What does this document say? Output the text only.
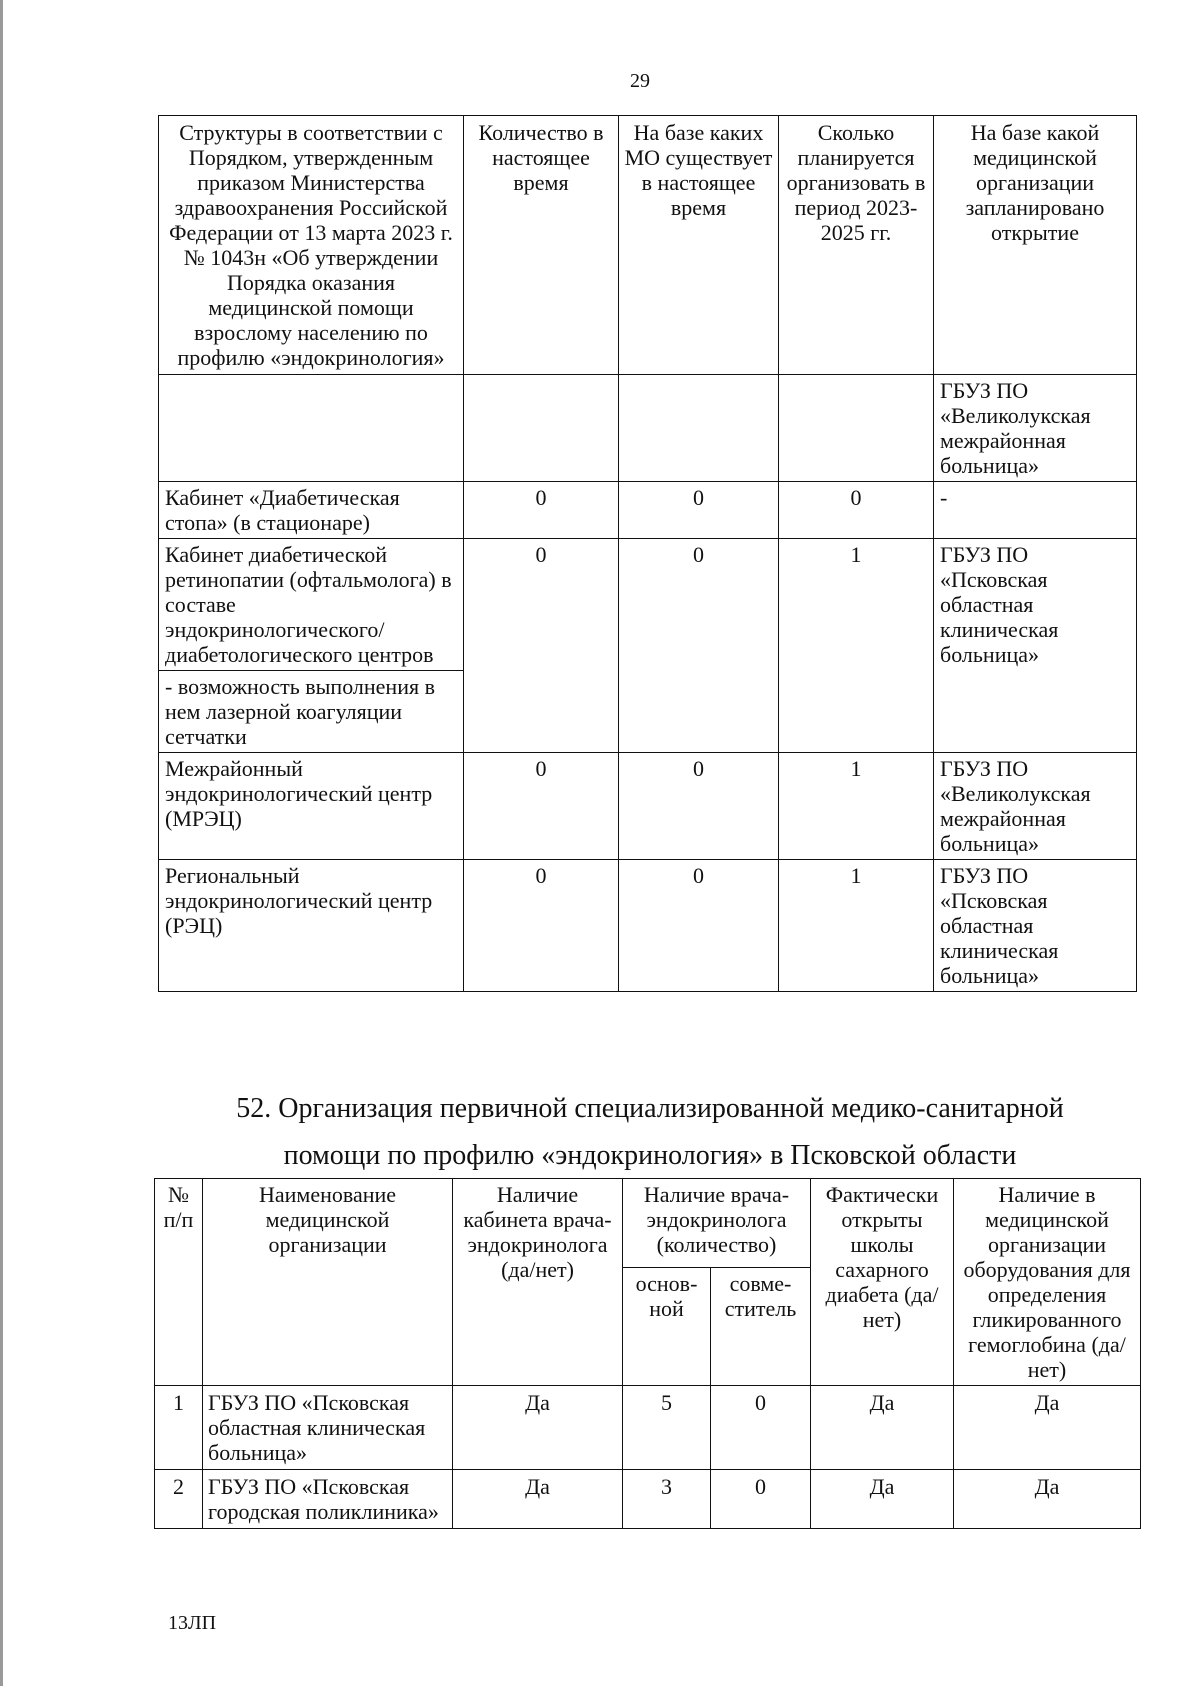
29
Структуры в соответствии с Порядком, утвержденным приказом Министерства здравоохранения Российской Федерации от 13 марта 2023 г. № 1043н «Об утверждении Порядка оказания медицинской помощи взрослому населению по профилю «эндокринология»	Количество в настоящее время	На базе каких МО существует в настоящее время	Сколько планируется организовать в период 2023-2025 гг.	На базе какой медицинской организации запланировано открытие
				ГБУЗ ПО «Великолукская межрайонная больница»
Кабинет «Диабетическая стопа» (в стационаре)	0	0	0	-
Кабинет диабетической ретинопатии (офтальмолога) в составе эндокринологического/ диабетологического центров	0	0	1	ГБУЗ ПО «Псковская областная клиническая больница»
- возможность выполнения в нем лазерной коагуляции сетчатки				
Межрайонный эндокринологический центр (МРЭЦ)	0	0	1	ГБУЗ ПО «Великолукская межрайонная больница»
Региональный эндокринологический центр (РЭЦ)	0	0	1	ГБУЗ ПО «Псковская областная клиническая больница»
52. Организация первичной специализированной медико-санитарной
помощи по профилю «эндокринология» в Псковской области
№ п/п	Наименование медицинской организации	Наличие кабинета врача-эндокринолога (да/нет)	Наличие врача-эндокринолога (количество)		Фактически открыты школы сахарного диабета (да/нет)	Наличие в медицинской организации оборудования для определения гликированного гемоглобина (да/нет)
			основ-ной	совме-ститель		
1	ГБУЗ ПО «Псковская областная клиническая больница»	Да	5	0	Да	Да
2	ГБУЗ ПО «Псковская городская поликлиника»	Да	3	0	Да	Да
13ЛП
